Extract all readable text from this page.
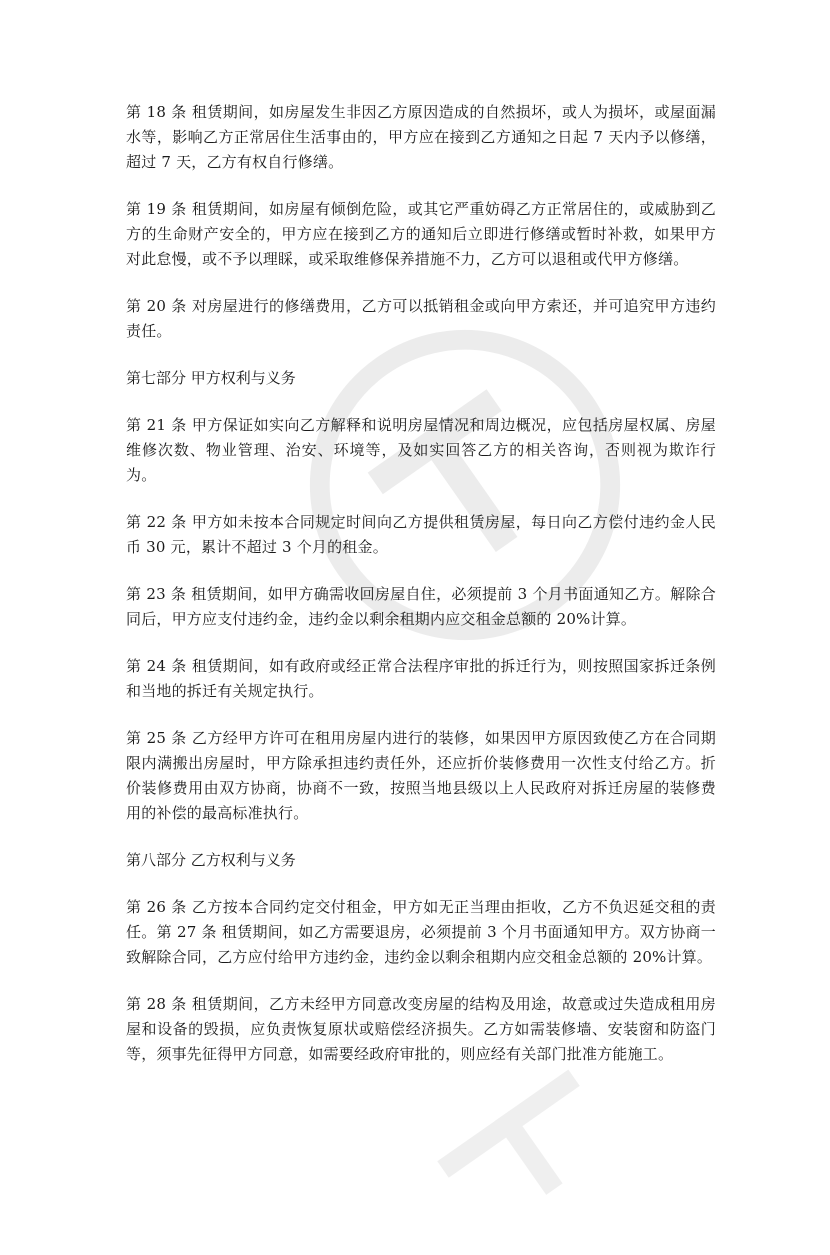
第 18 条 租赁期间，如房屋发生非因乙方原因造成的自然损坏，或人为损坏，或屋面漏水等，影响乙方正常居住生活事由的，甲方应在接到乙方通知之日起 7 天内予以修缮，超过 7 天，乙方有权自行修缮。

第 19 条 租赁期间，如房屋有倾倒危险，或其它严重妨碍乙方正常居住的，或威胁到乙方的生命财产安全的，甲方应在接到乙方的通知后立即进行修缮或暂时补救，如果甲方对此怠慢，或不予以理睬，或采取维修保养措施不力，乙方可以退租或代甲方修缮。

第 20 条 对房屋进行的修缮费用，乙方可以抵销租金或向甲方索还，并可追究甲方违约责任。

第七部分 甲方权利与义务

第 21 条 甲方保证如实向乙方解释和说明房屋情况和周边概况，应包括房屋权属、房屋维修次数、物业管理、治安、环境等，及如实回答乙方的相关咨询，否则视为欺诈行为。

第 22 条 甲方如未按本合同规定时间向乙方提供租赁房屋，每日向乙方偿付违约金人民币 30 元，累计不超过 3 个月的租金。

第 23 条 租赁期间，如甲方确需收回房屋自住，必须提前 3 个月书面通知乙方。解除合同后，甲方应支付违约金，违约金以剩余租期内应交租金总额的 20%计算。

第 24 条 租赁期间，如有政府或经正常合法程序审批的拆迁行为，则按照国家拆迁条例和当地的拆迁有关规定执行。

第 25 条 乙方经甲方许可在租用房屋内进行的装修，如果因甲方原因致使乙方在合同期限内满搬出房屋时，甲方除承担违约责任外，还应折价装修费用一次性支付给乙方。折价装修费用由双方协商，协商不一致，按照当地县级以上人民政府对拆迁房屋的装修费用的补偿的最高标准执行。

第八部分 乙方权利与义务

第 26 条 乙方按本合同约定交付租金，甲方如无正当理由拒收，乙方不负迟延交租的责任。第 27 条 租赁期间，如乙方需要退房，必须提前 3 个月书面通知甲方。双方协商一致解除合同，乙方应付给甲方违约金，违约金以剩余租期内应交租金总额的 20%计算。

第 28 条 租赁期间，乙方未经甲方同意改变房屋的结构及用途，故意或过失造成租用房屋和设备的毁损，应负责恢复原状或赔偿经济损失。乙方如需装修墙、安装窗和防盗门等，须事先征得甲方同意，如需要经政府审批的，则应经有关部门批准方能施工。
